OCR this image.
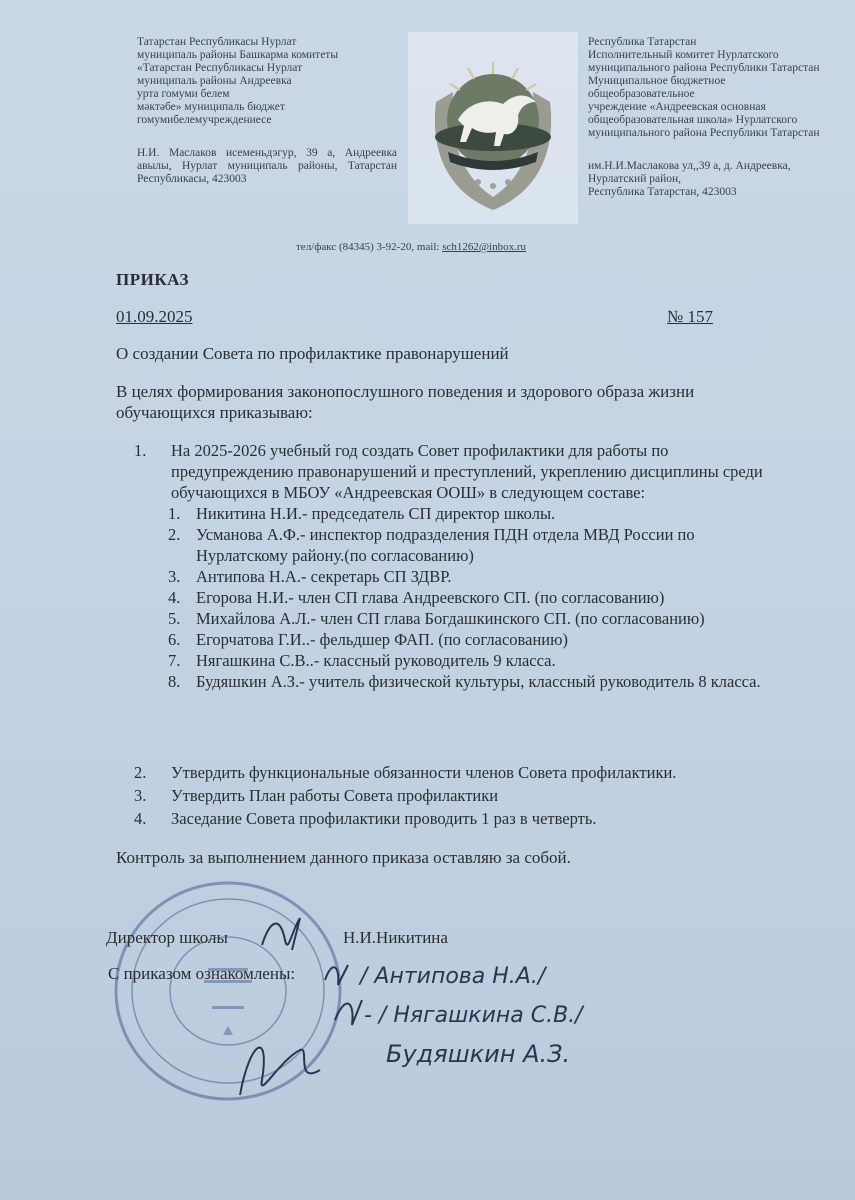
Татарстан Республикасы Нурлат
муниципаль районы Башкарма комитеты
«Татарстан Республикасы Нурлат
муниципаль районы Андреевка
урта гомуми белем
мәктәбе» муниципаль бюджет
гомумибелемучреждениесе
Н.И. Маслаков исеменьдэгур, 39 а, Андреевка авылы, Нурлат муниципаль районы, Татарстан Республикасы, 423003
Республика Татарстан
Исполнительный комитет Нурлатского
муниципального района Республики Татарстан
Муниципальное бюджетное
общеобразовательное
учреждение «Андреевская основная
общеобразовательная школа» Нурлатского
муниципального района Республики Татарстан
им.Н.И.Маслакова ул,,39 а, д. Андреевка,
Нурлатский район,
Республика Татарстан, 423003
тел/факс (84345) 3-92-20, mail: sch1262@inbox.ru
ПРИКАЗ
01.09.2025	№ 157
О создании Совета по профилактике правонарушений
В целях формирования законопослушного поведения и здорового образа жизни обучающихся приказываю:
1. На 2025-2026 учебный год создать Совет профилактики для работы по предупреждению правонарушений и преступлений, укреплению дисциплины среди обучающихся в МБОУ «Андреевская ООШ» в следующем составе:
1. Никитина Н.И.- председатель СП директор школы.
2. Усманова А.Ф.- инспектор подразделения ПДН отдела МВД России по Нурлатскому району.(по согласованию)
3. Антипова Н.А.- секретарь СП ЗДВР.
4. Егорова Н.И.- член СП глава Андреевского СП. (по согласованию)
5. Михайлова А.Л.- член СП глава Богдашкинского СП. (по согласованию)
6. Егорчатова Г.И..- фельдшер ФАП. (по согласованию)
7. Нягашкина С.В..- классный руководитель 9 класса.
8. Будяшкин А.З.- учитель физической культуры, классный руководитель 8 класса.
2. Утвердить функциональные обязанности членов Совета профилактики.
3. Утвердить План работы Совета профилактики
4. Заседание Совета профилактики проводить 1 раз в четверть.
Контроль за выполнением данного приказа оставляю за собой.
Директор школы	Н.И.Никитина
С приказом ознакомлены:	/ Антипова Н.А./
- / Нягашкина С.В./
Будяшкин А.З.
